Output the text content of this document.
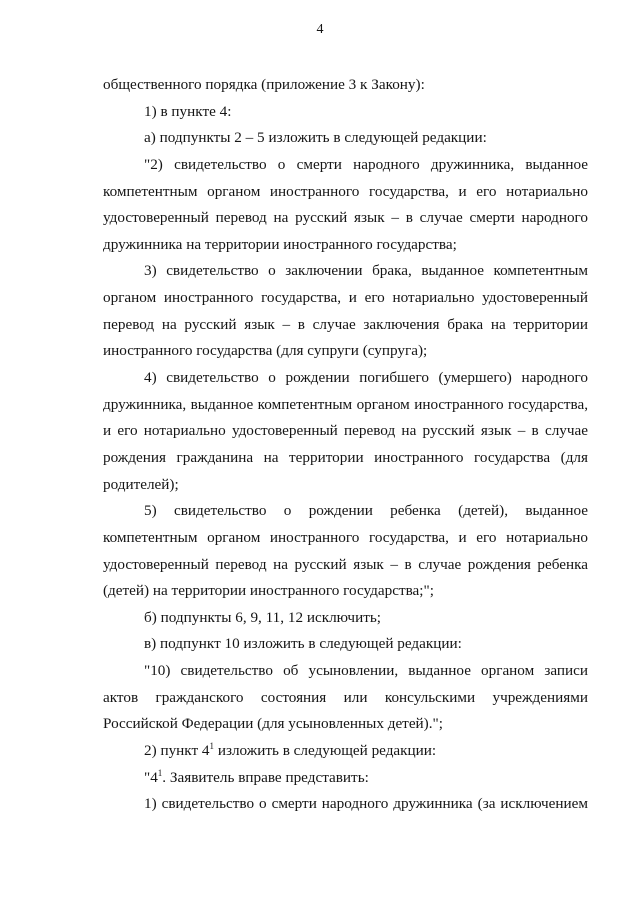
4
общественного порядка (приложение 3 к Закону):
1) в пункте 4:
а) подпункты 2 – 5 изложить в следующей редакции:
"2) свидетельство о смерти народного дружинника, выданное
компетентным органом иностранного государства, и его нотариально
удостоверенный перевод на русский язык – в случае смерти народного
дружинника на территории иностранного государства;
3) свидетельство о заключении брака, выданное компетентным
органом иностранного государства, и его нотариально удостоверенный
перевод на русский язык – в случае заключения брака на территории
иностранного государства (для супруги (супруга);
4) свидетельство о рождении погибшего (умершего) народного
дружинника, выданное компетентным органом иностранного государства,
и его нотариально удостоверенный перевод на русский язык – в случае
рождения гражданина на территории иностранного государства (для
родителей);
5) свидетельство о рождении ребенка (детей), выданное
компетентным органом иностранного государства, и его нотариально
удостоверенный перевод на русский язык – в случае рождения ребенка
(детей) на территории иностранного государства;";
б) подпункты 6, 9, 11, 12 исключить;
в) подпункт 10 изложить в следующей редакции:
"10) свидетельство об усыновлении, выданное органом записи
актов гражданского состояния или консульскими учреждениями
Российской Федерации (для усыновленных детей).";
2) пункт $4^1$ изложить в следующей редакции:
"$4^1$. Заявитель вправе представить:
1) свидетельство о смерти народного дружинника (за исключением
